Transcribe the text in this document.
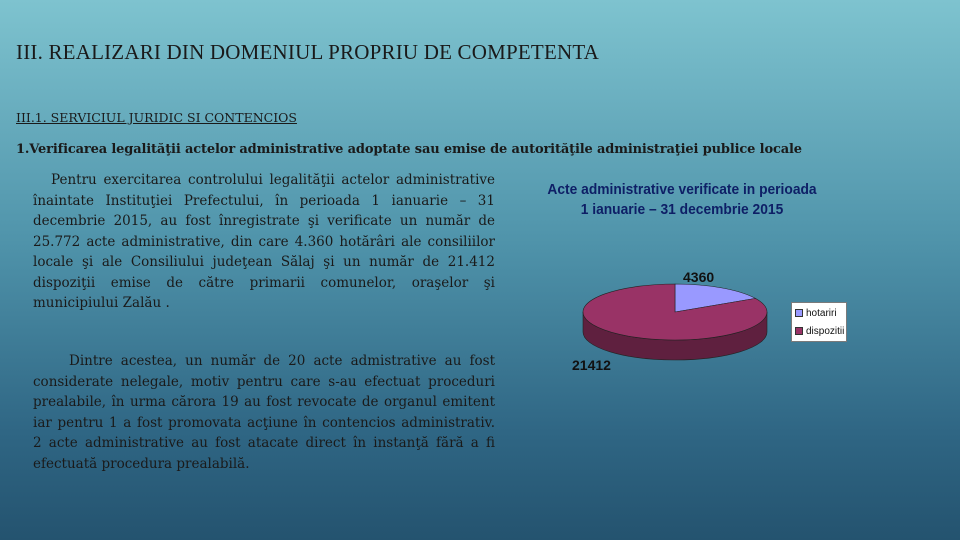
III. REALIZARI DIN DOMENIUL PROPRIU DE COMPETENTA
III.1. SERVICIUL JURIDIC SI CONTENCIOS
1.Verificarea legalităţii actelor administrative adoptate sau emise de autorităţile administraţiei publice locale

Pentru exercitarea controlului legalităţii actelor administrative înaintate Instituţiei Prefectului, în perioada 1 ianuarie – 31 decembrie 2015, au fost înregistrate şi verificate un număr de 25.772 acte administrative, din care 4.360 hotărâri ale consiliilor locale şi ale Consiliului judeţean Sălaj şi un număr de 21.412 dispoziţii emise de către primarii comunelor, oraşelor şi municipiului Zalău .

Dintre acestea, un număr de 20 acte admistrative au fost considerate nelegale, motiv pentru care s-au efectuat proceduri prealabile, în urma cărora 19 au fost revocate de organul emitent iar pentru 1 a fost promovata acţiune în contencios administrativ. 2 acte administrative au fost atacate direct în instanţă fără a fi efectuată procedura prealabilă.

Acte administrative verificate in perioada
1 ianuarie – 31 decembrie 2015
4360
21412
hotariri
dispozitii
